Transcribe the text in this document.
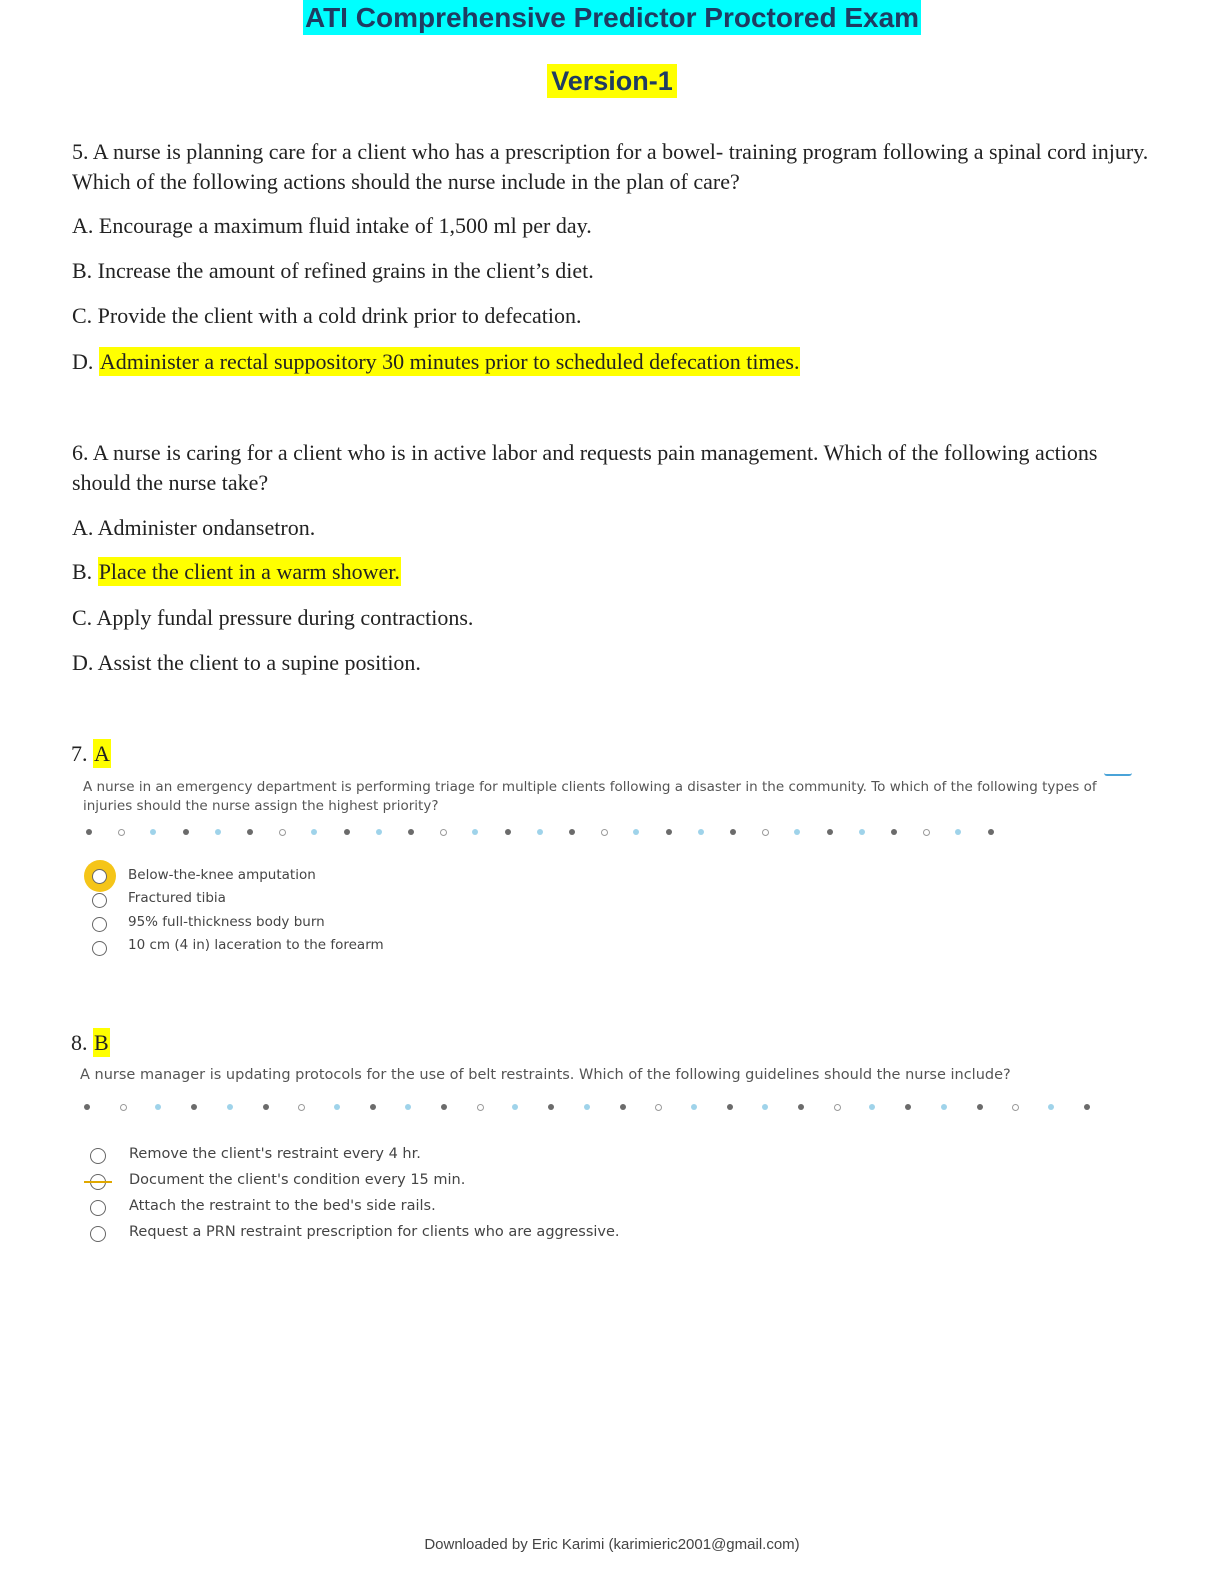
ATI Comprehensive Predictor Proctored Exam
Version-1
5. A nurse is planning care for a client who has a prescription for a bowel- training program following a spinal cord injury. Which of the following actions should the nurse include in the plan of care?
A. Encourage a maximum fluid intake of 1,500 ml per day.
B. Increase the amount of refined grains in the client’s diet.
C. Provide the client with a cold drink prior to defecation.
D. Administer a rectal suppository 30 minutes prior to scheduled defecation times.
6. A nurse is caring for a client who is in active labor and requests pain management. Which of the following actions should the nurse take?
A. Administer ondansetron.
B. Place the client in a warm shower.
C. Apply fundal pressure during contractions.
D. Assist the client to a supine position.
7. A
A nurse in an emergency department is performing triage for multiple clients following a disaster in the community. To which of the following types of injuries should the nurse assign the highest priority?
Below-the-knee amputation
Fractured tibia
95% full-thickness body burn
10 cm (4 in) laceration to the forearm
8. B
A nurse manager is updating protocols for the use of belt restraints. Which of the following guidelines should the nurse include?
Remove the client's restraint every 4 hr.
Document the client's condition every 15 min.
Attach the restraint to the bed's side rails.
Request a PRN restraint prescription for clients who are aggressive.
Downloaded by Eric Karimi (karimieric2001@gmail.com)
